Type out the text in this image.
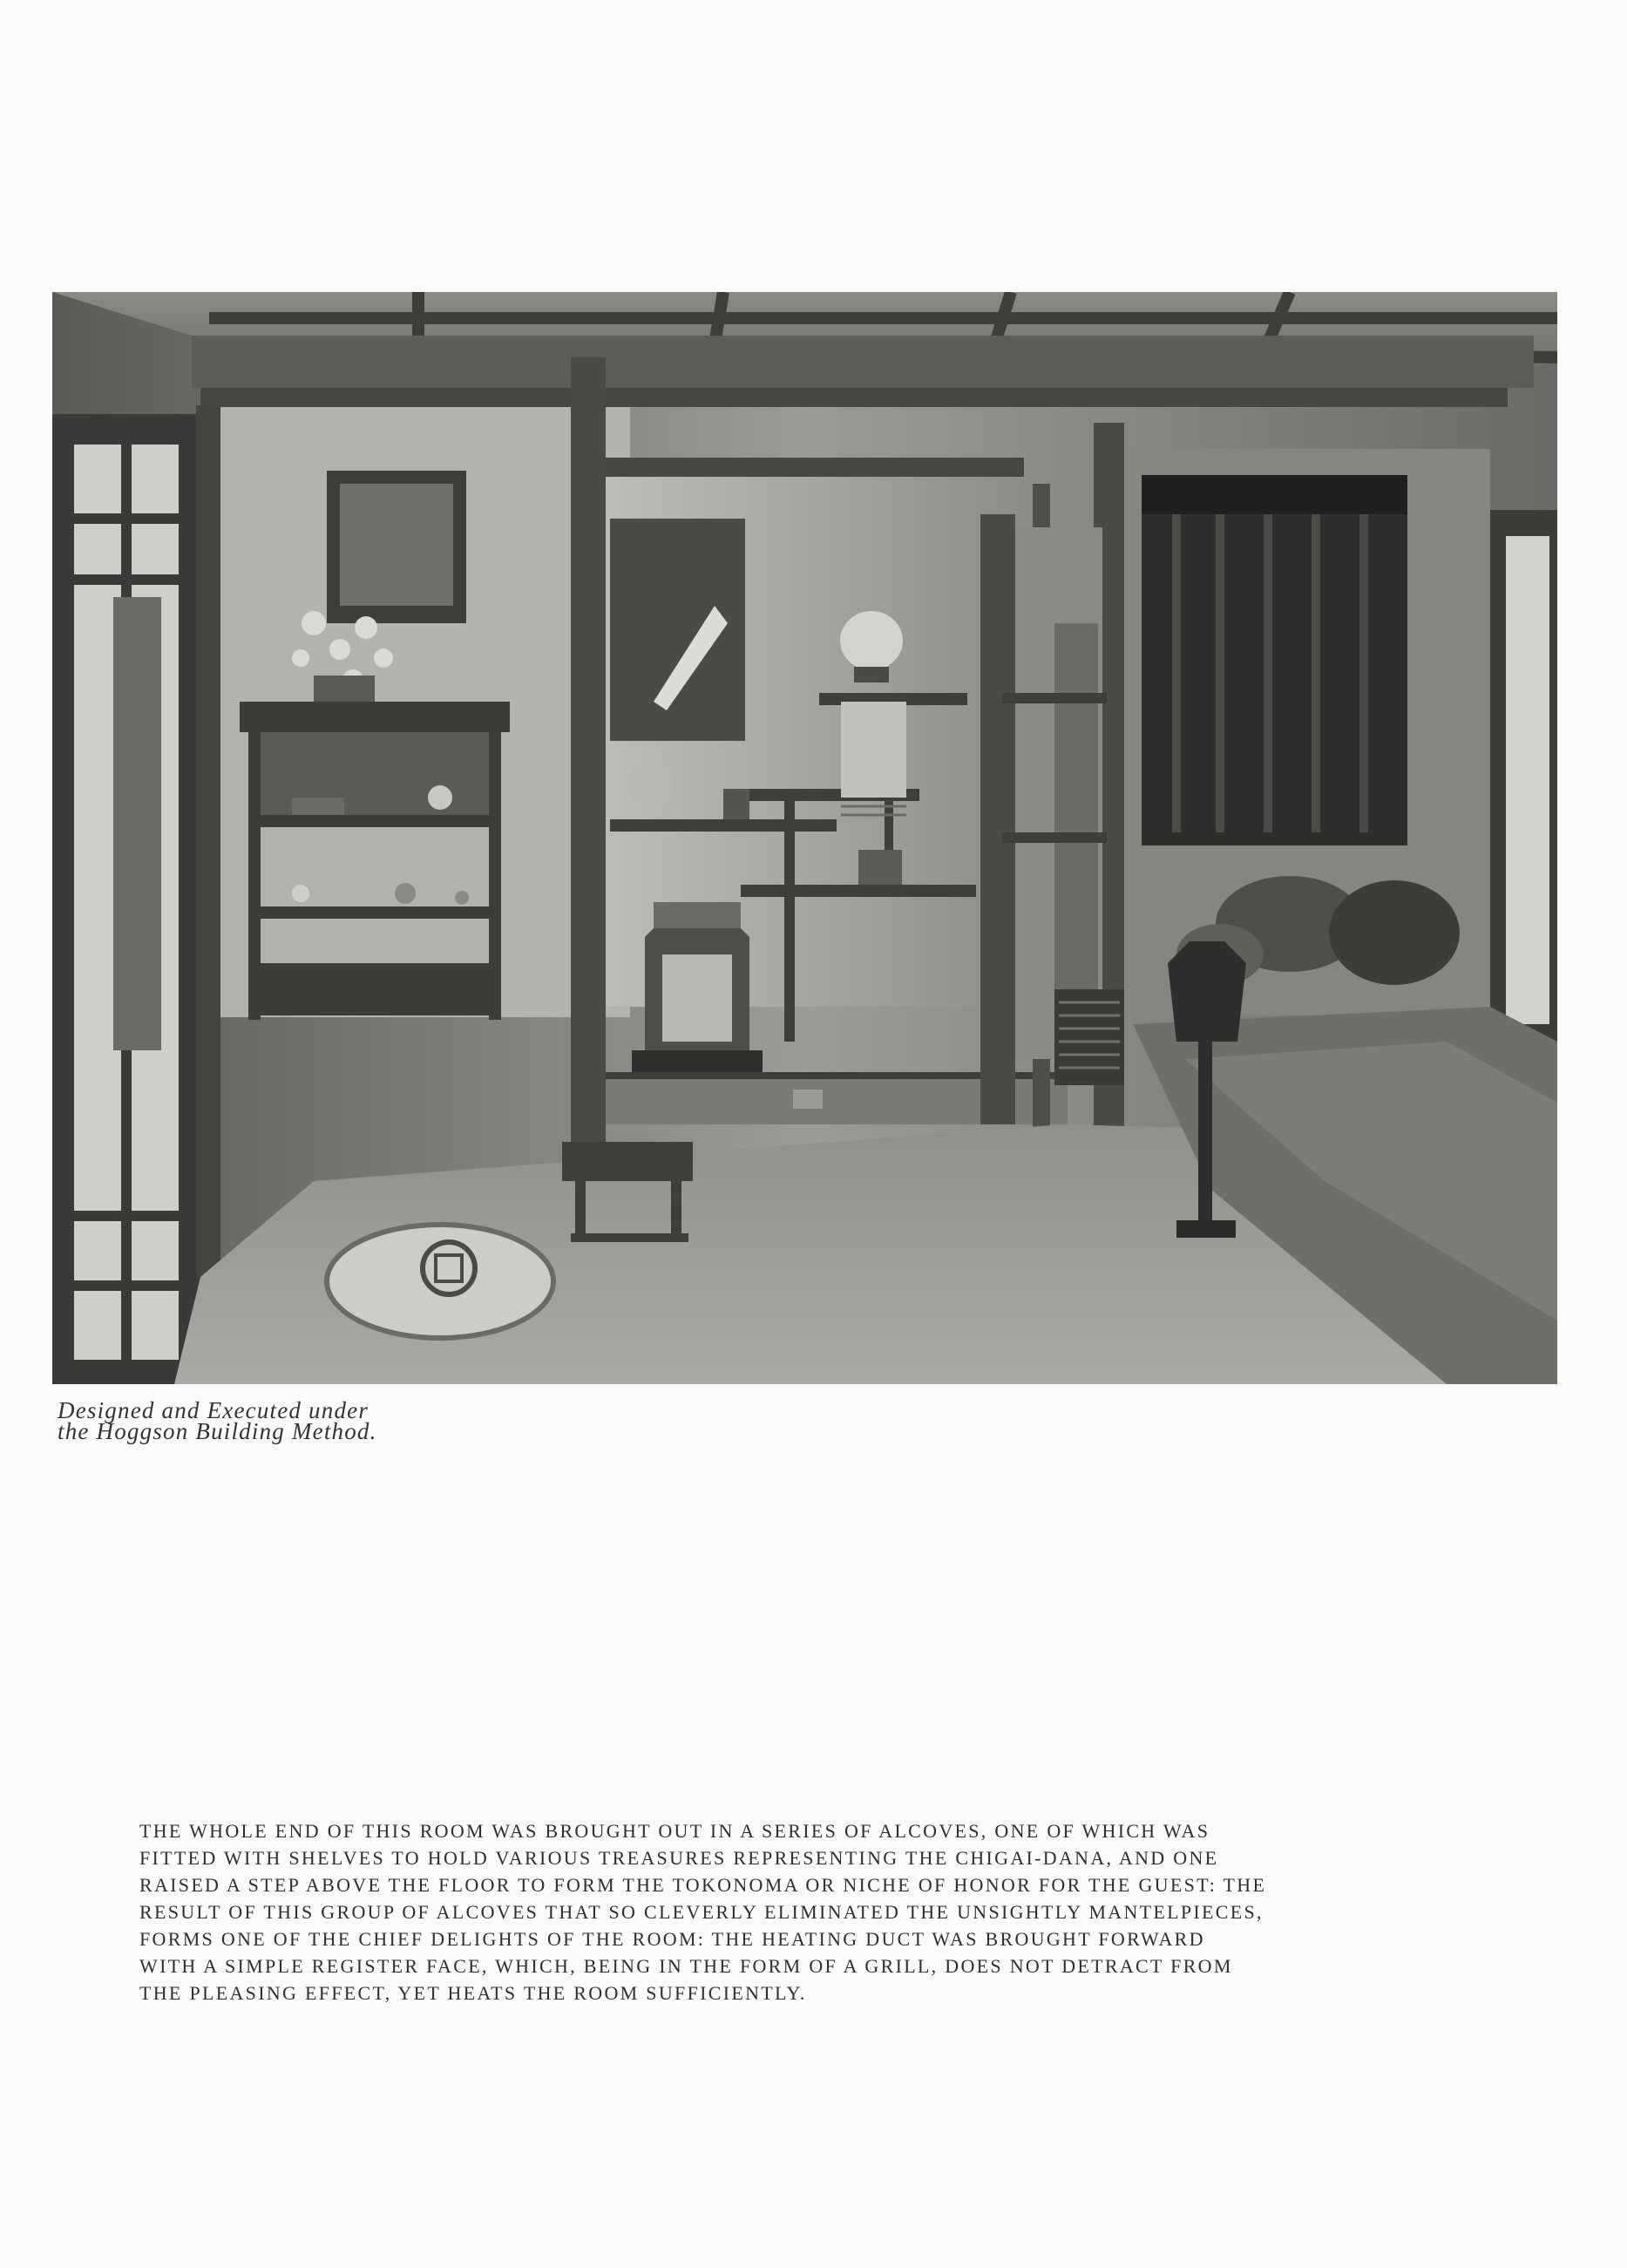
Designed and Executed under
the Hoggson Building Method.
THE WHOLE END OF THIS ROOM WAS BROUGHT OUT IN A SERIES OF ALCOVES, ONE OF WHICH WAS
FITTED WITH SHELVES TO HOLD VARIOUS TREASURES REPRESENTING THE CHIGAI-DANA, AND ONE
RAISED A STEP ABOVE THE FLOOR TO FORM THE TOKONOMA OR NICHE OF HONOR FOR THE GUEST: THE
RESULT OF THIS GROUP OF ALCOVES THAT SO CLEVERLY ELIMINATED THE UNSIGHTLY MANTELPIECES,
FORMS ONE OF THE CHIEF DELIGHTS OF THE ROOM: THE HEATING DUCT WAS BROUGHT FORWARD
WITH A SIMPLE REGISTER FACE, WHICH, BEING IN THE FORM OF A GRILL, DOES NOT DETRACT FROM
THE PLEASING EFFECT, YET HEATS THE ROOM SUFFICIENTLY.
